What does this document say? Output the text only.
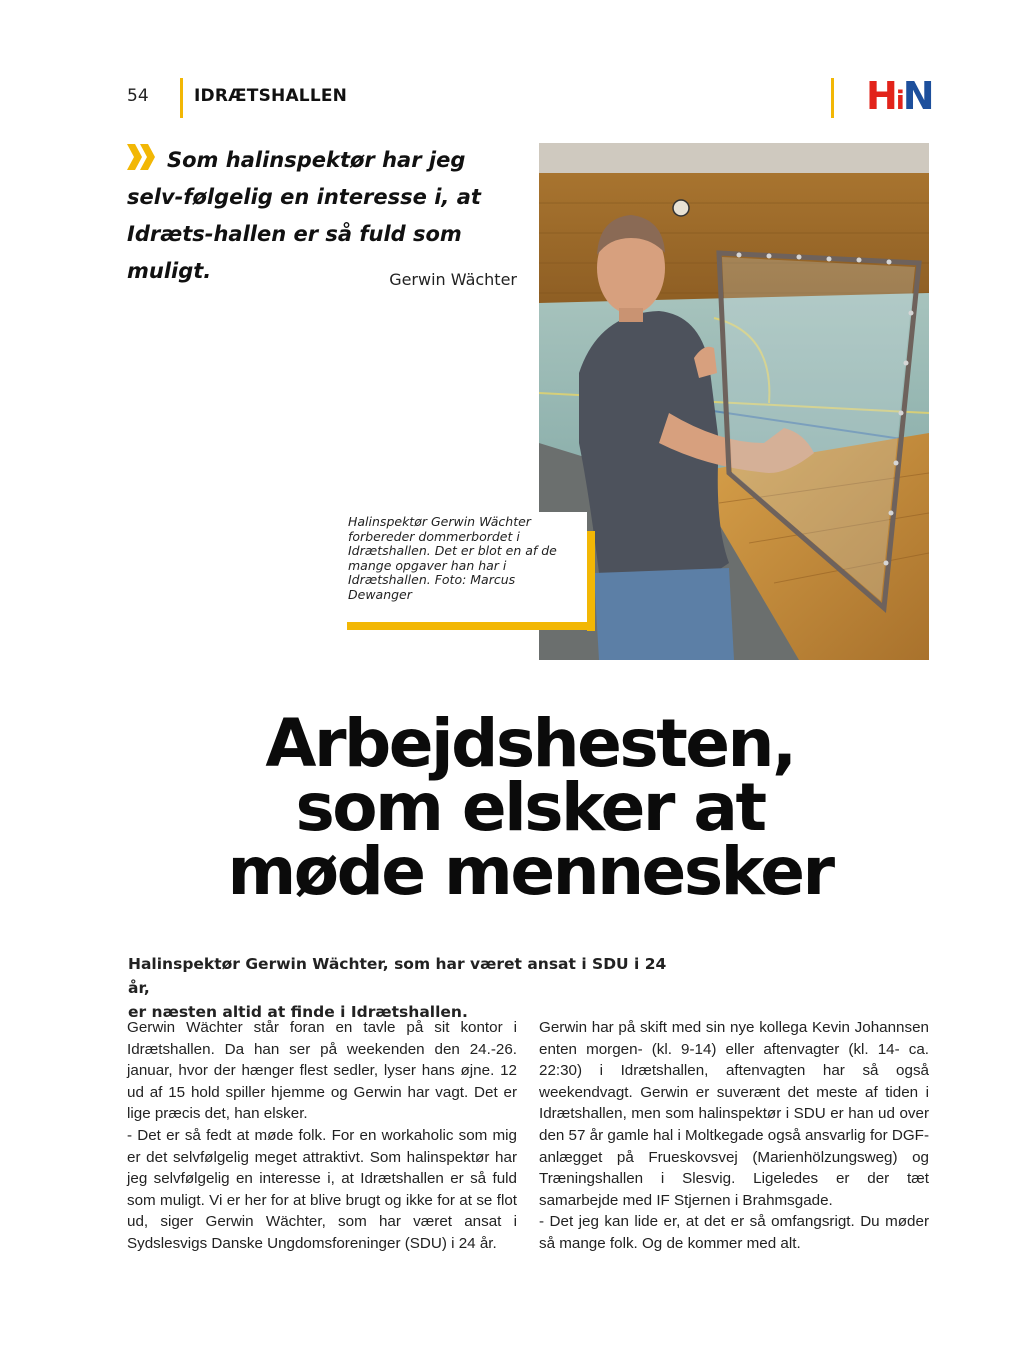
54	IDRÆTSHALLEN	HiN

Som halinspektør har jeg selv-følgelig en interesse i, at Idræts-hallen er så fuld som muligt.	Gerwin Wächter

Halinspektør Gerwin Wächter forbereder dommerbordet i Idrætshallen. Det er blot en af de mange opgaver han har i Idrætshallen. Foto: Marcus Dewanger

Arbejdshesten,
som elsker at
møde mennesker

Halinspektør Gerwin Wächter, som har været ansat i SDU i 24 år,
er næsten altid at finde i Idrætshallen.

Gerwin Wächter står foran en tavle på sit kontor i Idrætshallen. Da han ser på weekenden den 24.-26. januar, hvor der hænger flest sedler, lyser hans øjne. 12 ud af 15 hold spiller hjemme og Gerwin har vagt. Det er lige præcis det, han elsker.

- Det er så fedt at møde folk. For en workaholic som mig er det selvfølgelig meget attraktivt. Som halinspektør har jeg selvfølgelig en interesse i, at Idrætshallen er så fuld som muligt. Vi er her for at blive brugt og ikke for at se flot ud, siger Gerwin Wächter, som har været ansat i Sydslesvigs Danske Ungdomsforeninger (SDU) i 24 år.

Gerwin har på skift med sin nye kollega Kevin Johannsen enten morgen- (kl. 9-14) eller aftenvagter (kl. 14- ca. 22:30) i Idrætshallen, aftenvagten har så også weekendvagt. Gerwin er suverænt det meste af tiden i Idrætshallen, men som halinspektør i SDU er han ud over den 57 år gamle hal i Moltkegade også ansvarlig for DGF-anlægget på Frueskovsvej (Marienhölzungsweg) og Træningshallen i Slesvig. Ligeledes er der tæt samarbejde med IF Stjernen i Brahmsgade.

- Det jeg kan lide er, at det er så omfangsrigt. Du møder så mange folk. Og de kommer med alt.
